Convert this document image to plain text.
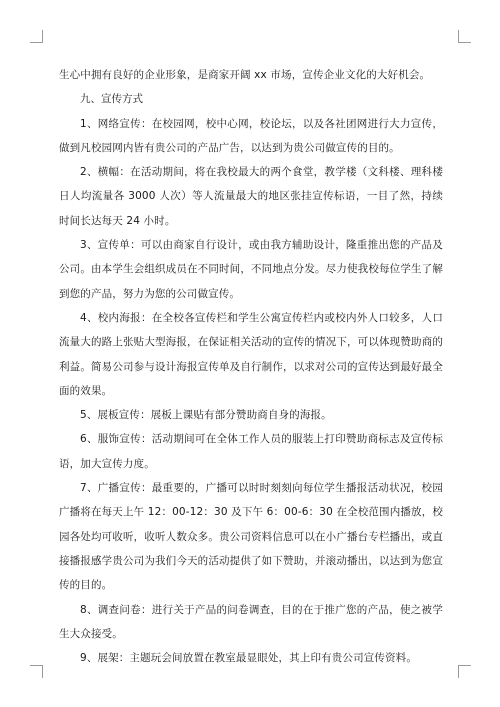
生心中拥有良好的企业形象，是商家开阔 xx 市场，宣传企业文化的大好机会。

九、宣传方式

1、网络宣传：在校园网，校中心网，校论坛，以及各社团网进行大力宣传，做到凡校园网内皆有贵公司的产品广告，以达到为贵公司做宣传的目的。

2、横幅：在活动期间，将在我校最大的两个食堂，教学楼（文科楼、理科楼日人均流量各 3000 人次）等人流量最大的地区张挂宣传标语，一目了然，持续时间长达每天 24 小时。

3、宣传单：可以由商家自行设计，或由我方辅助设计，隆重推出您的产品及公司。由本学生会组织成员在不同时间，不同地点分发。尽力使我校每位学生了解到您的产品，努力为您的公司做宣传。

4、校内海报：在全校各宣传栏和学生公寓宣传栏内或校内外人口较多，人口流量大的路上张贴大型海报，在保证相关活动的宣传的情况下，可以体现赞助商的利益。简易公司参与设计海报宣传单及自行制作，以求对公司的宣传达到最好最全面的效果。

5、展板宣传：展板上课贴有部分赞助商自身的海报。

6、服饰宣传：活动期间可在全体工作人员的服装上打印赞助商标志及宣传标语，加大宣传力度。

7、广播宣传：最重要的，广播可以时时刻刻向每位学生播报活动状况，校园广播将在每天上午 12：00-12：30 及下午 6：00-6：30 在全校范围内播放，校园各处均可收听，收听人数众多。贵公司资料信息可以在小广播台专栏播出，或直接播报感学贵公司为我们今天的活动提供了如下赞助，并滚动播出，以达到为您宣传的目的。

8、调查问卷：进行关于产品的问卷调查，目的在于推广您的产品，使之被学生大众接受。

9、展架：主题玩会间放置在教室最显眼处，其上印有贵公司宣传资料。
